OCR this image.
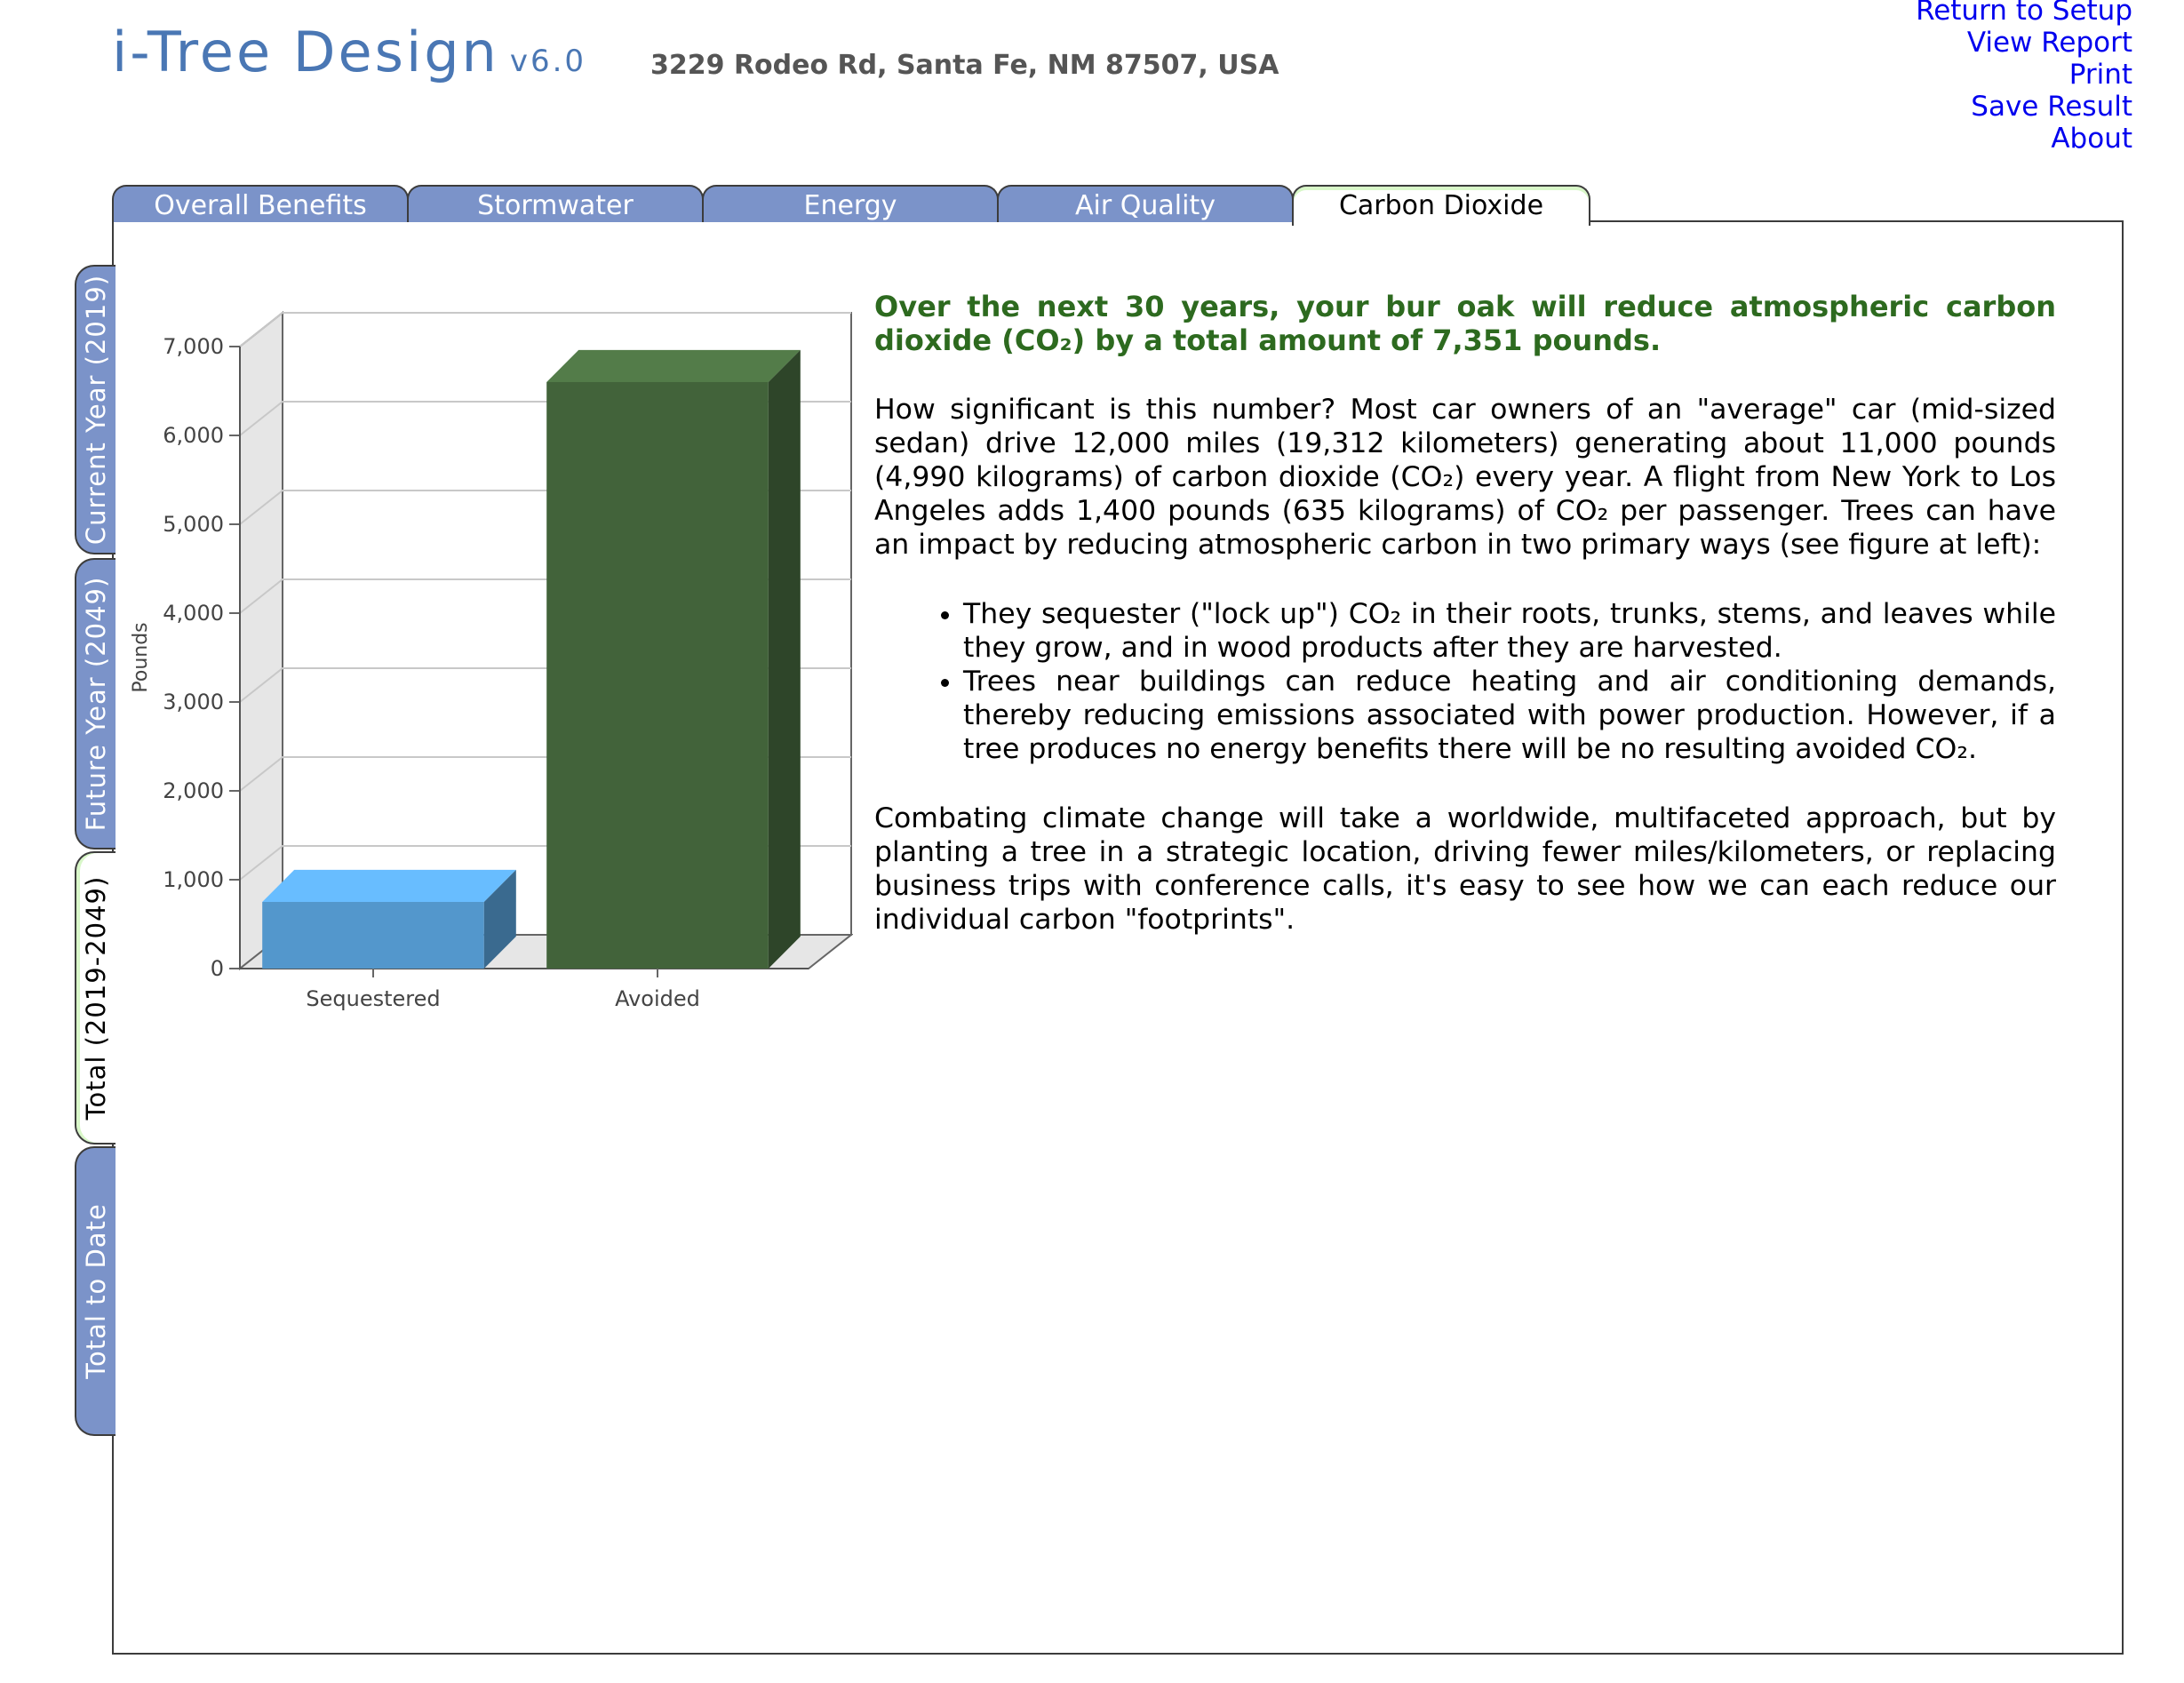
i-Tree Design v6.0 3229 Rodeo Rd, Santa Fe, NM 87507, USA
Return to Setup
View Report
Print
Save Result
About
Overall Benefits	Stormwater	Energy	Air Quality	Carbon Dioxide
Current Year (2019)
Future Year (2049)
Total (2019-2049)
Total to Date
0
1,000
2,000
3,000
4,000
5,000
6,000
7,000
Pounds
Sequestered	Avoided

Over the next 30 years, your bur oak will reduce atmospheric carbon dioxide (CO₂) by a total amount of 7,351 pounds.

How significant is this number? Most car owners of an "average" car (mid-sized sedan) drive 12,000 miles (19,312 kilometers) generating about 11,000 pounds (4,990 kilograms) of carbon dioxide (CO₂) every year. A flight from New York to Los Angeles adds 1,400 pounds (635 kilograms) of CO₂ per passenger. Trees can have an impact by reducing atmospheric carbon in two primary ways (see figure at left):

• They sequester ("lock up") CO₂ in their roots, trunks, stems, and leaves while they grow, and in wood products after they are harvested.
• Trees near buildings can reduce heating and air conditioning demands, thereby reducing emissions associated with power production. However, if a tree produces no energy benefits there will be no resulting avoided CO₂.

Combating climate change will take a worldwide, multifaceted approach, but by planting a tree in a strategic location, driving fewer miles/kilometers, or replacing business trips with conference calls, it's easy to see how we can each reduce our individual carbon "footprints".
